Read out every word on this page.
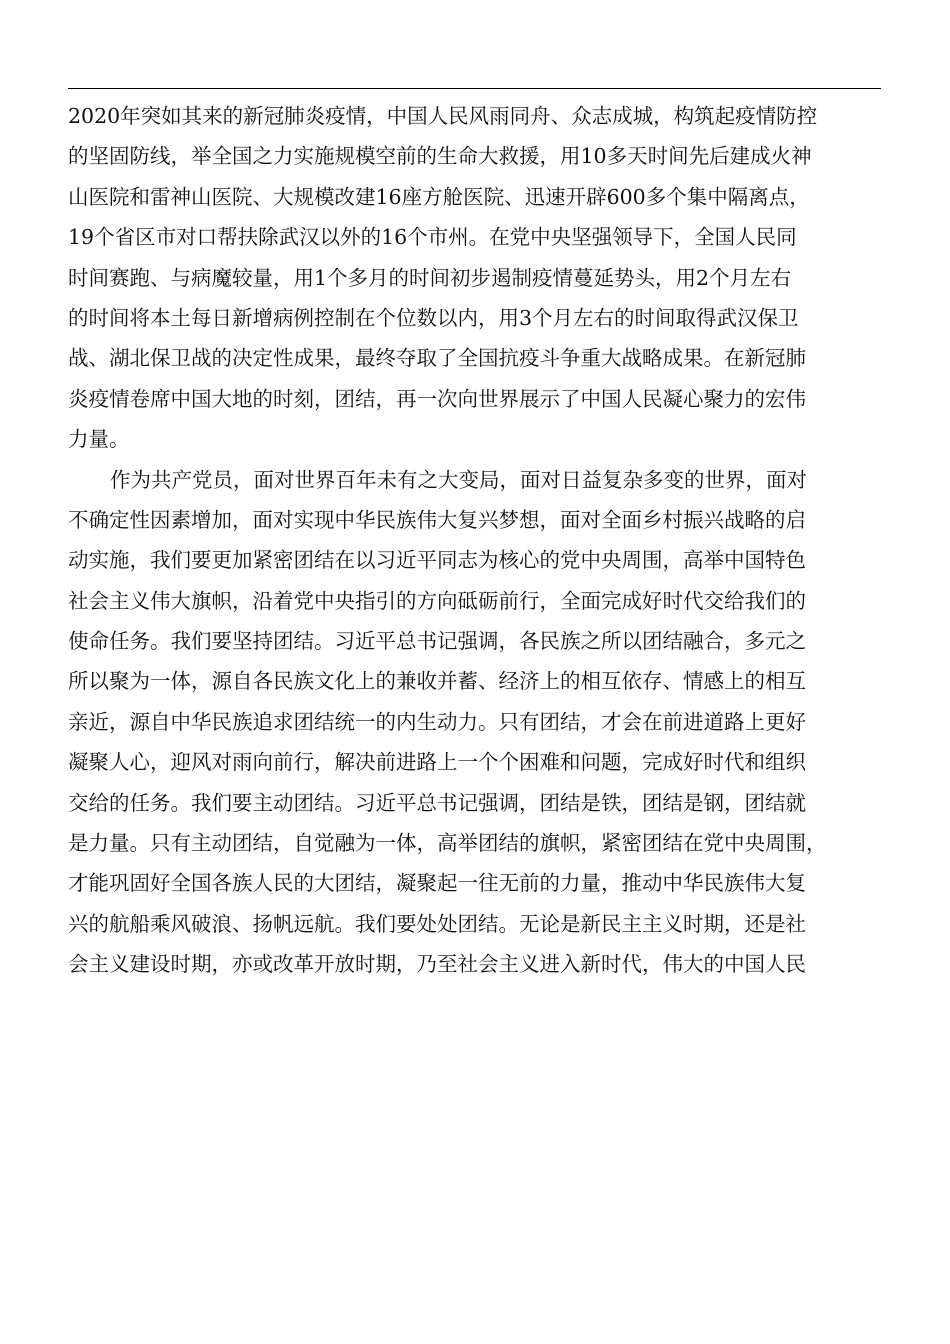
2020年突如其来的新冠肺炎疫情，中国人民风雨同舟、众志成城，构筑起疫情防控
的坚固防线，举全国之力实施规模空前的生命大救援，用10多天时间先后建成火神
山医院和雷神山医院、大规模改建16座方舱医院、迅速开辟600多个集中隔离点，
19个省区市对口帮扶除武汉以外的16个市州。在党中央坚强领导下，全国人民同
时间赛跑、与病魔较量，用1个多月的时间初步遏制疫情蔓延势头，用2个月左右
的时间将本土每日新增病例控制在个位数以内，用3个月左右的时间取得武汉保卫
战、湖北保卫战的决定性成果，最终夺取了全国抗疫斗争重大战略成果。在新冠肺
炎疫情卷席中国大地的时刻，团结，再一次向世界展示了中国人民凝心聚力的宏伟
力量。
作为共产党员，面对世界百年未有之大变局，面对日益复杂多变的世界，面对
不确定性因素增加，面对实现中华民族伟大复兴梦想，面对全面乡村振兴战略的启
动实施，我们要更加紧密团结在以习近平同志为核心的党中央周围，高举中国特色
社会主义伟大旗帜，沿着党中央指引的方向砥砺前行，全面完成好时代交给我们的
使命任务。我们要坚持团结。习近平总书记强调，各民族之所以团结融合，多元之
所以聚为一体，源自各民族文化上的兼收并蓄、经济上的相互依存、情感上的相互
亲近，源自中华民族追求团结统一的内生动力。只有团结，才会在前进道路上更好
凝聚人心，迎风对雨向前行，解决前进路上一个个困难和问题，完成好时代和组织
交给的任务。我们要主动团结。习近平总书记强调，团结是铁，团结是钢，团结就
是力量。只有主动团结，自觉融为一体，高举团结的旗帜，紧密团结在党中央周围，
才能巩固好全国各族人民的大团结，凝聚起一往无前的力量，推动中华民族伟大复
兴的航船乘风破浪、扬帆远航。我们要处处团结。无论是新民主主义时期，还是社
会主义建设时期，亦或改革开放时期，乃至社会主义进入新时代，伟大的中国人民
